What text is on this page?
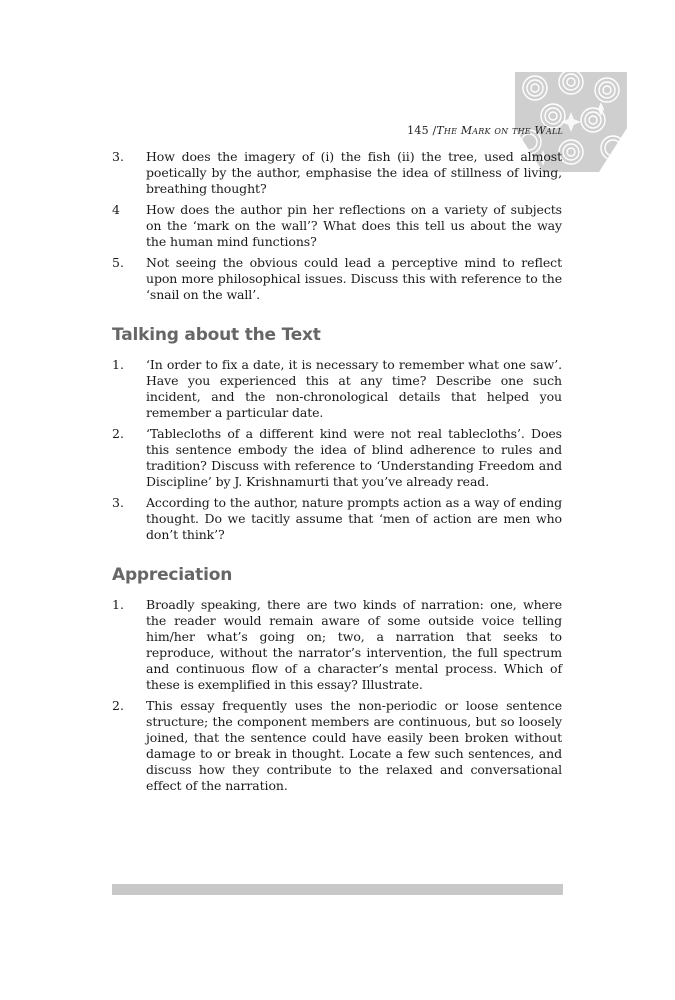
145 /The Mark on the Wall
3.	How does the imagery of (i) the fish (ii) the tree, used almost poetically by the author, emphasise the idea of stillness of living, breathing thought?
4	How does the author pin her reflections on a variety of subjects on the ‘mark on the wall’? What does this tell us about the way the human mind functions?
5.	Not seeing the obvious could lead a perceptive mind to reflect upon more philosophical issues. Discuss this with reference to the ‘snail on the wall’.
Talking about the Text
1.	‘In order to fix a date, it is necessary to remember what one saw’. Have you experienced this at any time? Describe one such incident, and the non-chronological details that helped you remember a particular date.
2.	‘Tablecloths of a different kind were not real tablecloths’. Does this sentence embody the idea of blind adherence to rules and tradition? Discuss with reference to ‘Understanding Freedom and Discipline’ by J. Krishnamurti that you’ve already read.
3.	According to the author, nature prompts action as a way of ending thought. Do we tacitly assume that ‘men of action are men who don’t think’?
Appreciation
1.	Broadly speaking, there are two kinds of narration: one, where the reader would remain aware of some outside voice telling him/her what’s going on; two, a narration that seeks to reproduce, without the narrator’s intervention, the full spectrum and continuous flow of a character’s mental process. Which of these is exemplified in this essay? Illustrate.
2.	This essay frequently uses the non-periodic or loose sentence structure; the component members are continuous, but so loosely joined, that the sentence could have easily been broken without damage to or break in thought. Locate a few such sentences, and discuss how they contribute to the relaxed and conversational effect of the narration.
